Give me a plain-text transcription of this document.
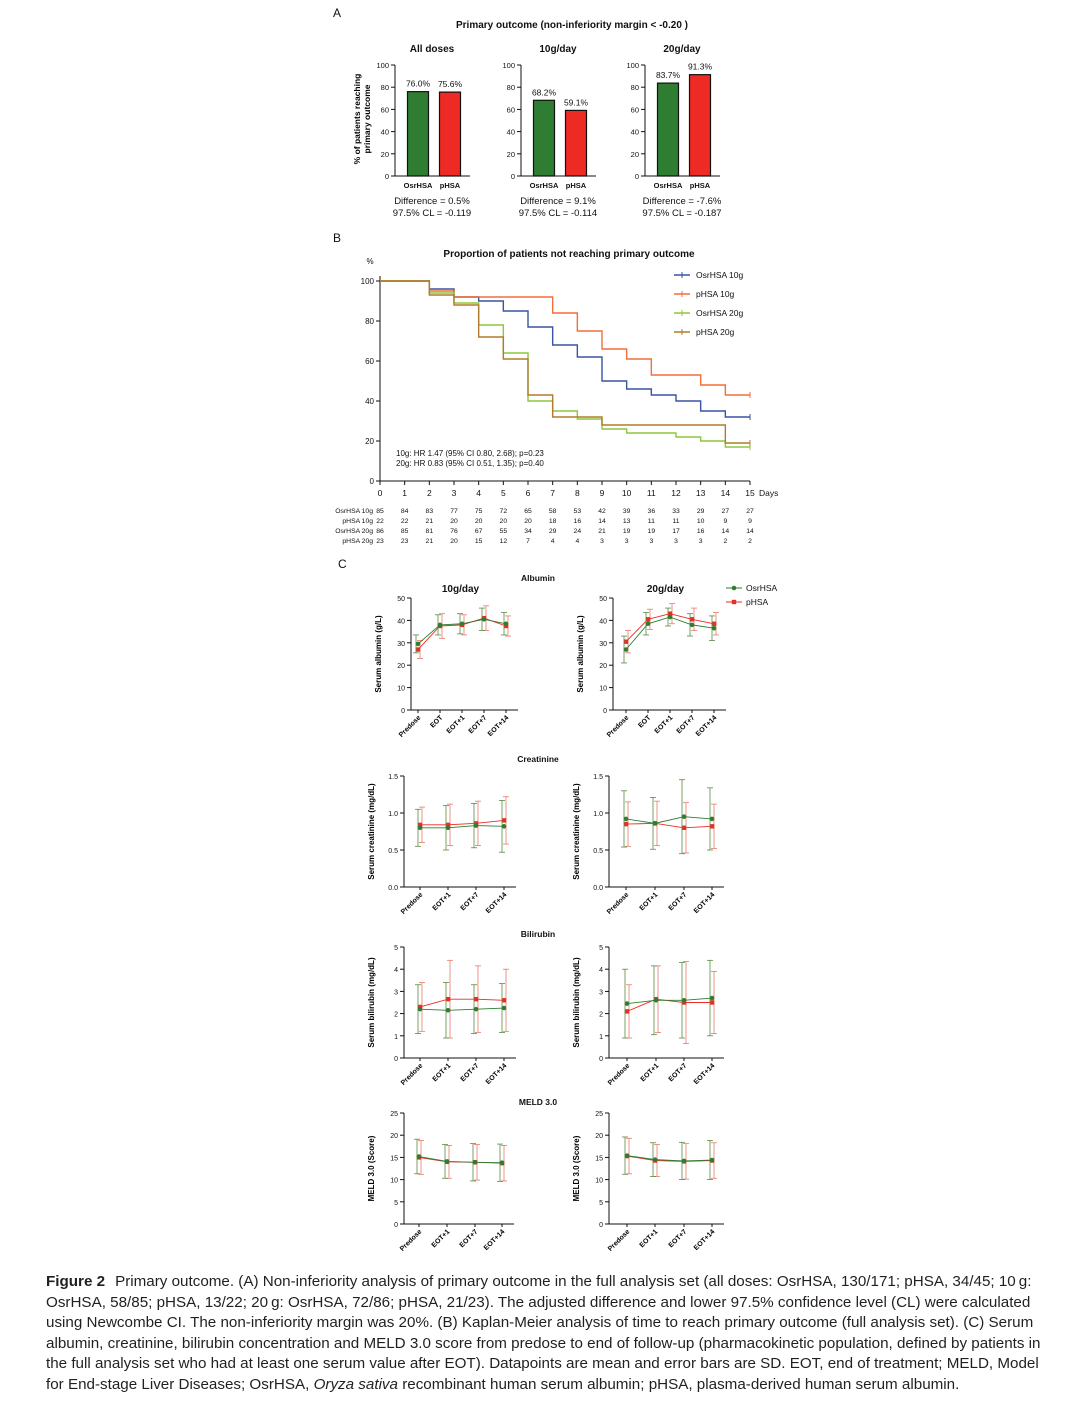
A
B
C
Primary outcome (non-inferiority margin < -0.20 )
% of patients reachingprimary outcome
All doses
0
20
40
60
80
100
76.0%
OsrHSA
75.6%
pHSA
Difference = 0.5%
97.5% CL = -0.119
10g/day
0
20
40
60
80
100
68.2%
OsrHSA
59.1%
pHSA
Difference = 9.1%
97.5% CL = -0.114
20g/day
0
20
40
60
80
100
83.7%
OsrHSA
91.3%
pHSA
Difference = -7.6%
97.5% CL = -0.187
Proportion of patients not reaching primary outcome
%
0
20
40
60
80
100
0 1 2 3 4 5 6 7 8 9 10 11 12 13 14 15 Days
OsrHSA 10g
pHSA 10g
OsrHSA 20g
pHSA 20g
10g: HR 1.47 (95% CI 0.80, 2.68); p=0.23
20g: HR 0.83 (95% CI 0.51, 1.35); p=0.40
OsrHSA 10g 85	84	83	77	75	72	65	58	53	42	39	36	33	29	27	27
pHSA 10g 22	22	21	20	20	20	20	18	16	14	13	11	11	10	9	9
OsrHSA 20g 86	85	81	76	67	55	34	29	24	21	19	19	17	16	14	14
pHSA 20g 23	23	21	20	15	12	7	4	4	3	3	3	3	3	2	2
Albumin
Serum albumin (g/L)
0
10
20
30
40
50
Predose EOT EOT+1 EOT+7
EOT+14
10g/day
Serum albumin (g/L)
0
10
20
30
40
50
Predose EOT EOT+1 EOT+7
EOT+14
20g/day
Creatinine
Serum creatinine (mg/dL)
0.0
0.5
1.0
1.5
Predose EOT+1 EOT+7 EOT+14
Serum creatinine (mg/dL)
0.0
0.5
1.0
1.5
Predose EOT+1 EOT+7 EOT+14
Bilirubin
Serum bilirubin (mg/dL)
0
1
2
3
4
5
Predose EOT+1 EOT+7 EOT+14
Serum bilirubin (mg/dL)
0
1
2
3
4
5
Predose EOT+1 EOT+7 EOT+14
MELD 3.0
MELD 3.0 (Score)
0
5
10
15
20
25
Predose EOT+1 EOT+7 EOT+14
MELD 3.0 (Score)
0
5
10
15
20
25
Predose EOT+1 EOT+7 EOT+14
OsrHSA
pHSA
Figure 2 Primary outcome. (A) Non-inferiority analysis of primary outcome in the full analysis set (all doses: OsrHSA, 130/171; pHSA, 34/45; 10 g: OsrHSA, 58/85; pHSA, 13/22; 20 g: OsrHSA, 72/86; pHSA, 21/23). The adjusted difference and lower 97.5% confidence level (CL) were calculated using Newcombe CI. The non-inferiority margin was 20%. (B) Kaplan-Meier analysis of time to reach primary outcome (full analysis set). (C) Serum albumin, creatinine, bilirubin concentration and MELD 3.0 score from predose to end of follow-up (pharmacokinetic population, defined by patients in the full analysis set who had at least one serum value after EOT). Datapoints are mean and error bars are SD. EOT, end of treatment; MELD, Model for End-stage Liver Diseases; OsrHSA, Oryza sativa recombinant human serum albumin; pHSA, plasma-derived human serum albumin.
